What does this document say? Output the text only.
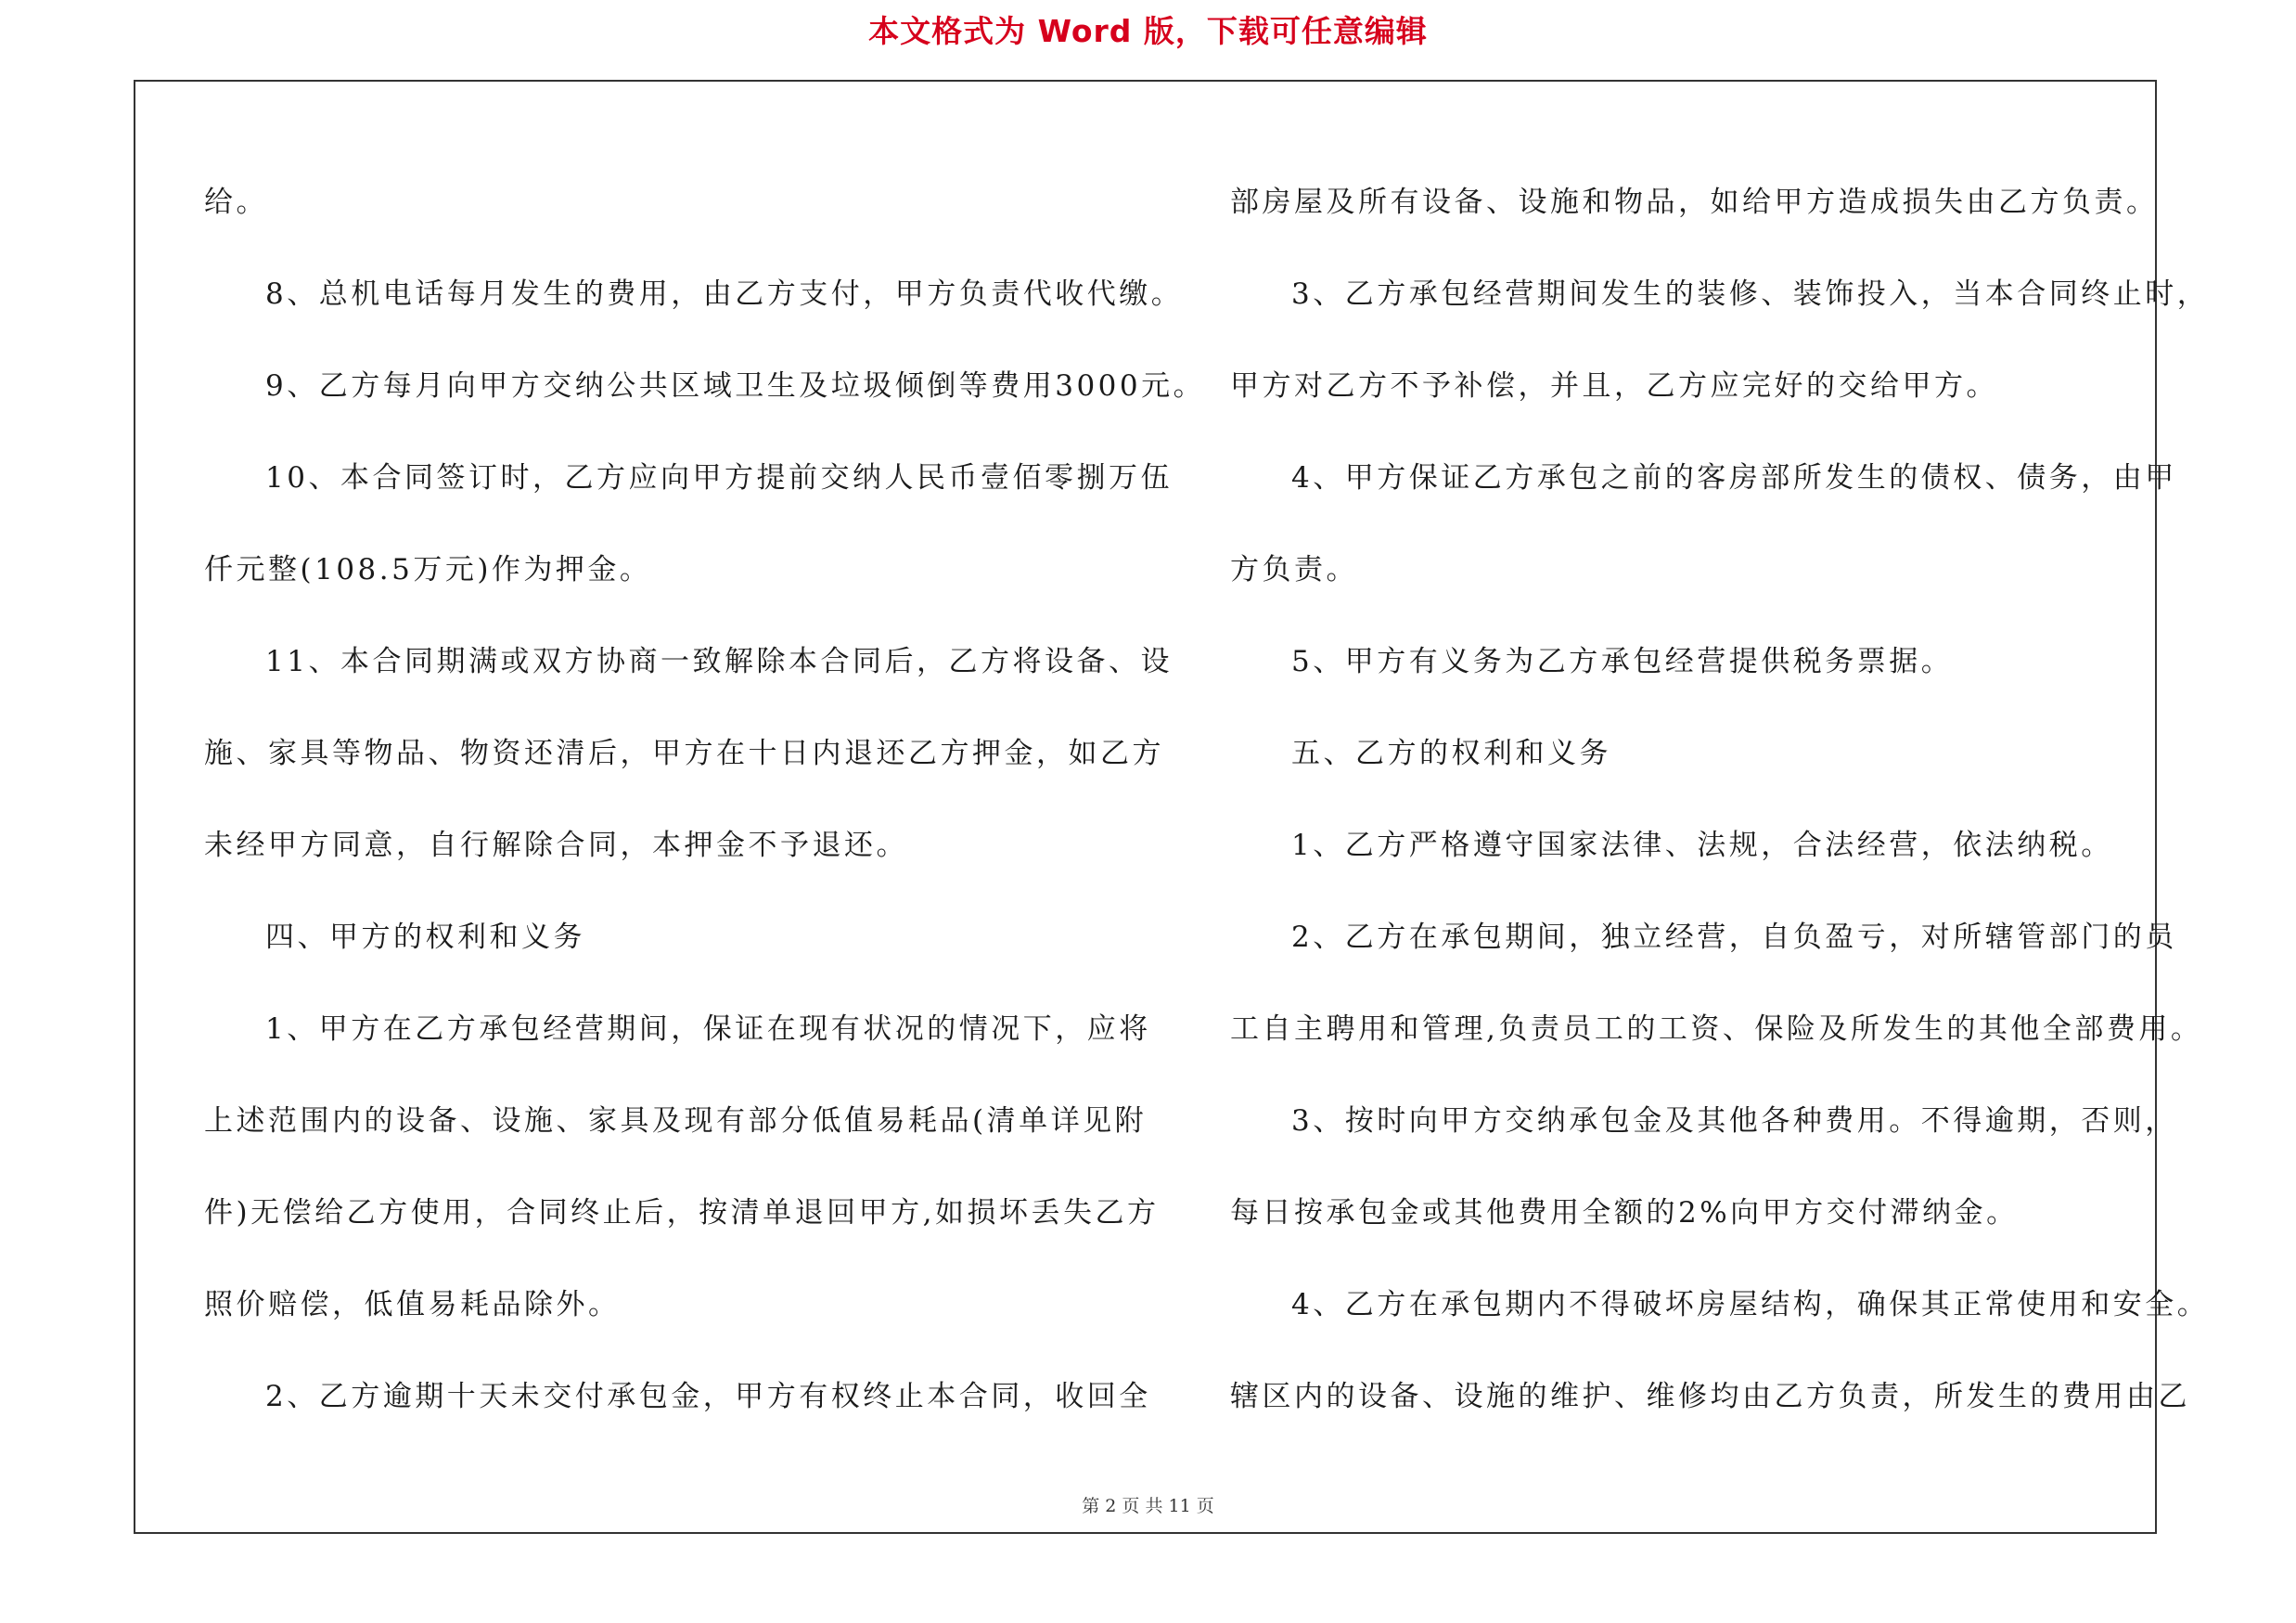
本文格式为 Word 版，下载可任意编辑
给。
8、总机电话每月发生的费用，由乙方支付，甲方负责代收代缴。
9、乙方每月向甲方交纳公共区域卫生及垃圾倾倒等费用3000元。
10、本合同签订时，乙方应向甲方提前交纳人民币壹佰零捌万伍
仟元整(108.5万元)作为押金。
11、本合同期满或双方协商一致解除本合同后，乙方将设备、设
施、家具等物品、物资还清后，甲方在十日内退还乙方押金，如乙方
未经甲方同意，自行解除合同，本押金不予退还。
四、甲方的权利和义务
1、甲方在乙方承包经营期间，保证在现有状况的情况下，应将
上述范围内的设备、设施、家具及现有部分低值易耗品(清单详见附
件)无偿给乙方使用，合同终止后，按清单退回甲方,如损坏丢失乙方
照价赔偿，低值易耗品除外。
2、乙方逾期十天未交付承包金，甲方有权终止本合同，收回全
部房屋及所有设备、设施和物品，如给甲方造成损失由乙方负责。
3、乙方承包经营期间发生的装修、装饰投入，当本合同终止时，
甲方对乙方不予补偿，并且，乙方应完好的交给甲方。
4、甲方保证乙方承包之前的客房部所发生的债权、债务，由甲
方负责。
5、甲方有义务为乙方承包经营提供税务票据。
五、乙方的权利和义务
1、乙方严格遵守国家法律、法规，合法经营，依法纳税。
2、乙方在承包期间，独立经营，自负盈亏，对所辖管部门的员
工自主聘用和管理,负责员工的工资、保险及所发生的其他全部费用。
3、按时向甲方交纳承包金及其他各种费用。不得逾期，否则，
每日按承包金或其他费用全额的2%向甲方交付滞纳金。
4、乙方在承包期内不得破坏房屋结构，确保其正常使用和安全。
辖区内的设备、设施的维护、维修均由乙方负责，所发生的费用由乙
第 2 页 共 11 页
